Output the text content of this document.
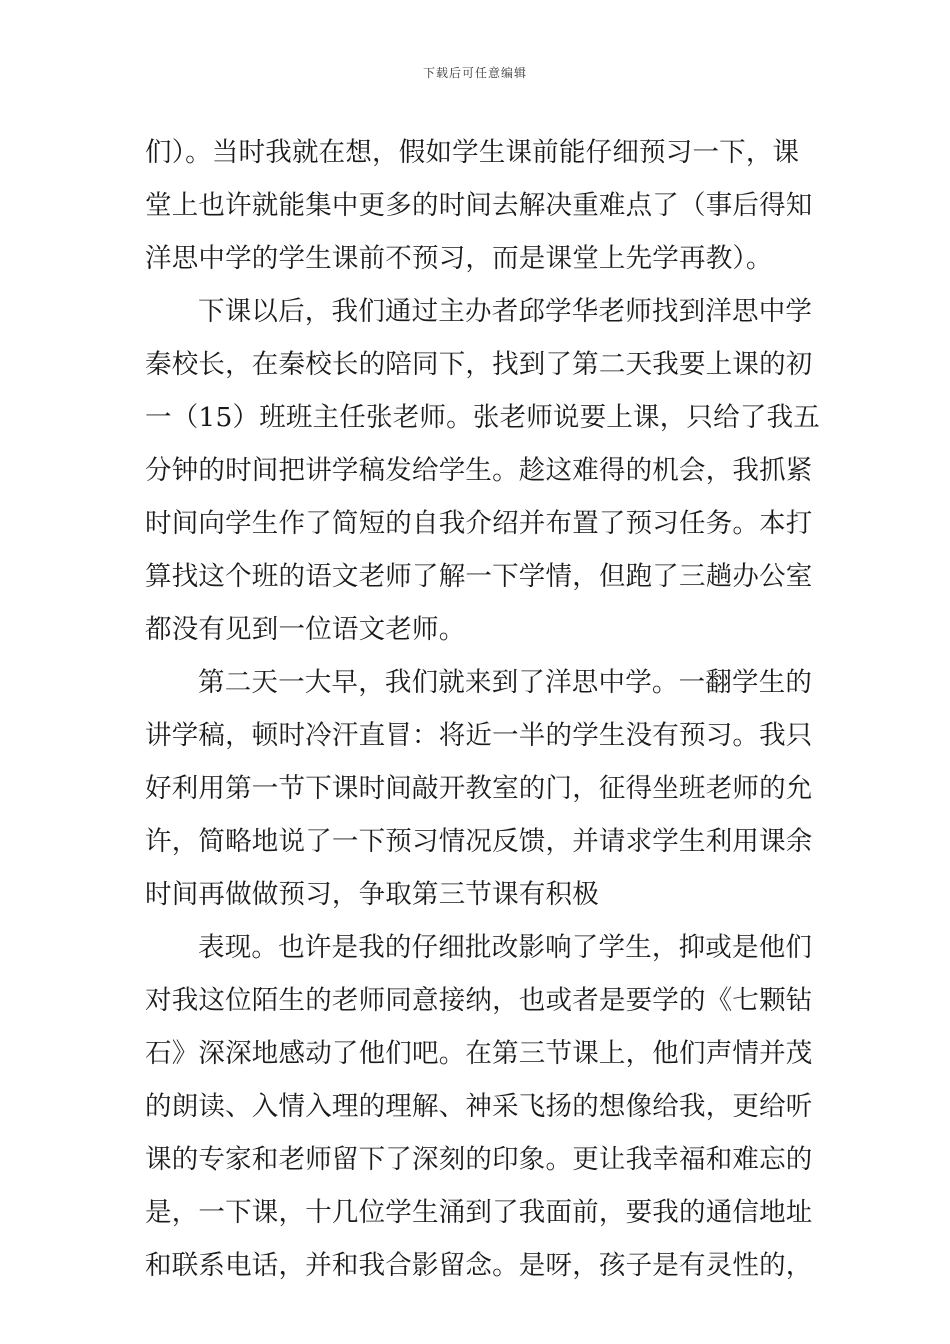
下载后可任意编辑
们）。当时我就在想，假如学生课前能仔细预习一下，课
堂上也许就能集中更多的时间去解决重难点了（事后得知
洋思中学的学生课前不预习，而是课堂上先学再教）。
下课以后，我们通过主办者邱学华老师找到洋思中学
秦校长，在秦校长的陪同下，找到了第二天我要上课的初
一（15）班班主任张老师。张老师说要上课，只给了我五
分钟的时间把讲学稿发给学生。趁这难得的机会，我抓紧
时间向学生作了简短的自我介绍并布置了预习任务。本打
算找这个班的语文老师了解一下学情，但跑了三趟办公室
都没有见到一位语文老师。
第二天一大早，我们就来到了洋思中学。一翻学生的
讲学稿，顿时冷汗直冒：将近一半的学生没有预习。我只
好利用第一节下课时间敲开教室的门，征得坐班老师的允
许，简略地说了一下预习情况反馈，并请求学生利用课余
时间再做做预习，争取第三节课有积极
表现。也许是我的仔细批改影响了学生，抑或是他们
对我这位陌生的老师同意接纳，也或者是要学的《七颗钻
石》深深地感动了他们吧。在第三节课上，他们声情并茂
的朗读、入情入理的理解、神采飞扬的想像给我，更给听
课的专家和老师留下了深刻的印象。更让我幸福和难忘的
是，一下课，十几位学生涌到了我面前，要我的通信地址
和联系电话，并和我合影留念。是呀，孩子是有灵性的，
